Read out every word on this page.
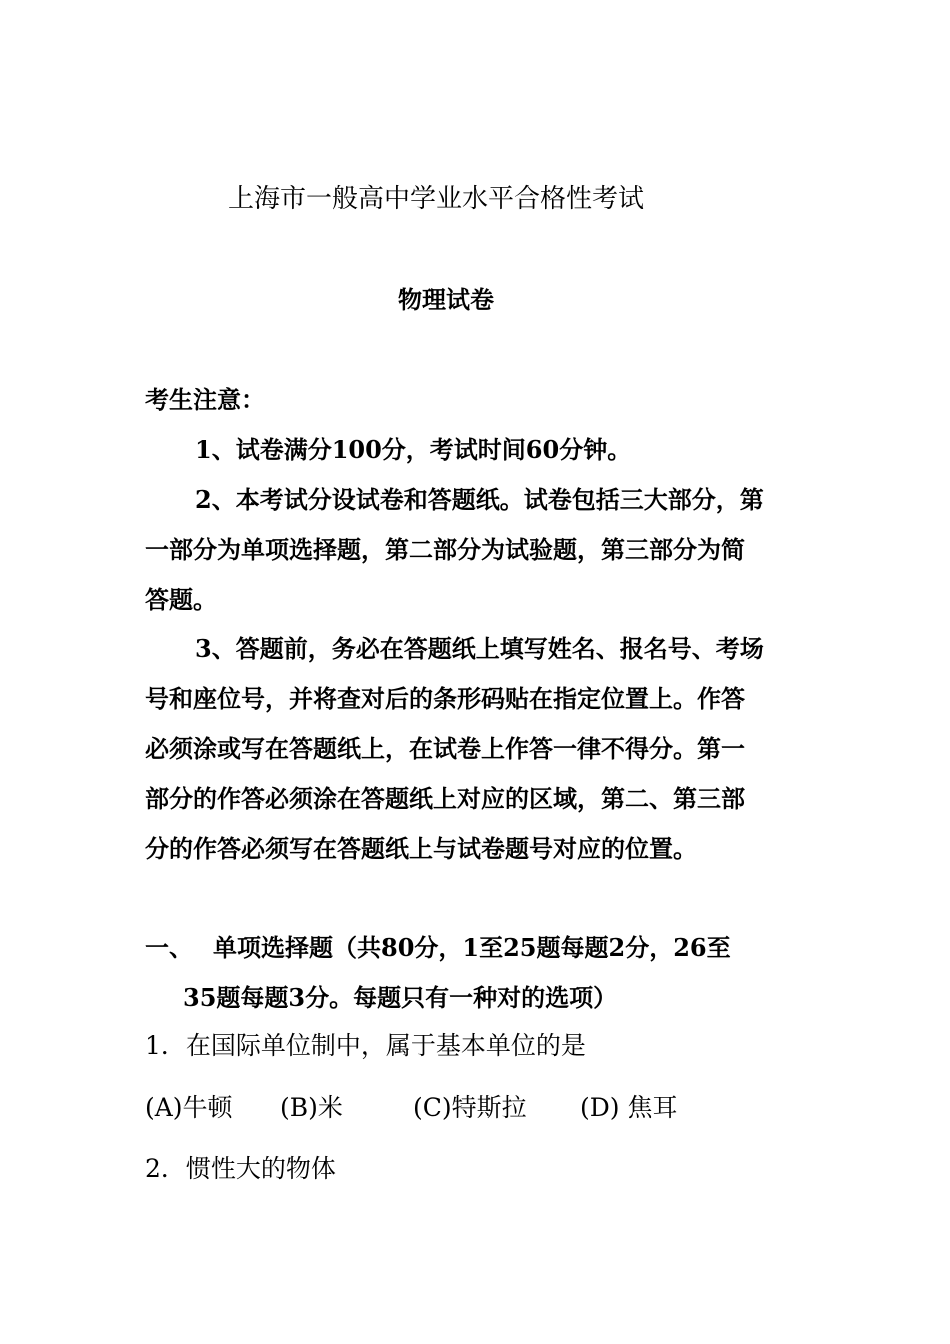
上海市一般高中学业水平合格性考试
物理试卷
考生注意：
1、试卷满分100分，考试时间60分钟。
2、本考试分设试卷和答题纸。试卷包括三大部分，第
一部分为单项选择题，第二部分为试验题，第三部分为简
答题。
3、答题前，务必在答题纸上填写姓名、报名号、考场
号和座位号，并将查对后的条形码贴在指定位置上。作答
必须涂或写在答题纸上，在试卷上作答一律不得分。第一
部分的作答必须涂在答题纸上对应的区域，第二、第三部
分的作答必须写在答题纸上与试卷题号对应的位置。
一、 单项选择题（共80分，1至25题每题2分，26至
35题每题3分。每题只有一种对的选项）
1．在国际单位制中，属于基本单位的是
(A)牛顿 (B)米	(C)特斯拉 (D) 焦耳
2．惯性大的物体
